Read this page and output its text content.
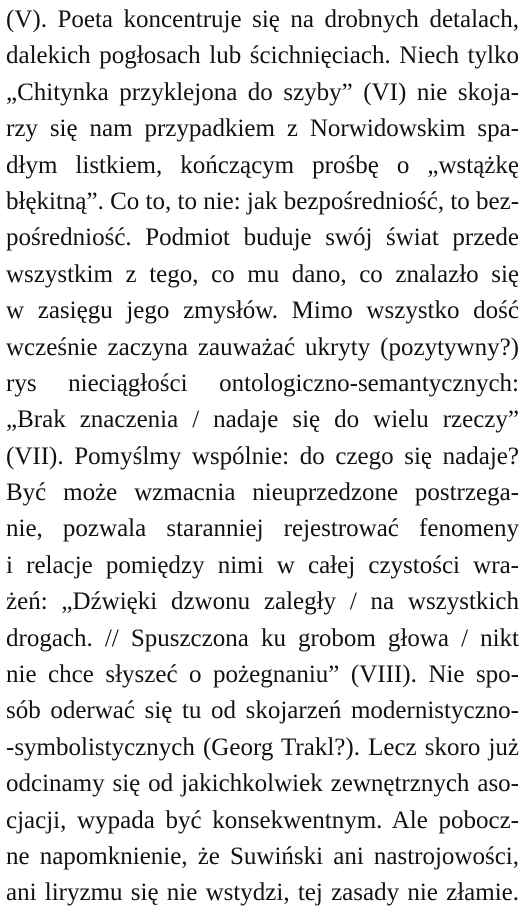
(V). Poeta koncentruje się na drobnych detalach,
dalekich pogłosach lub ścichnięciach. Niech tylko
„Chitynka przyklejona do szyby” (VI) nie skoja-
rzy się nam przypadkiem z Norwidowskim spa-
dłym listkiem, kończącym prośbę o „wstążkę
błękitną”. Co to, to nie: jak bezpośredniość, to bez-
pośredniość. Podmiot buduje swój świat przede
wszystkim z tego, co mu dano, co znalazło się
w zasięgu jego zmysłów. Mimo wszystko dość
wcześnie zaczyna zauważać ukryty (pozytywny?)
rys nieciągłości ontologiczno-semantycznych:
„Brak znaczenia / nadaje się do wielu rzeczy”
(VII). Pomyślmy wspólnie: do czego się nadaje?
Być może wzmacnia nieuprzedzone postrzega-
nie, pozwala staranniej rejestrować fenomeny
i relacje pomiędzy nimi w całej czystości wra-
żeń: „Dźwięki dzwonu zaległy / na wszystkich
drogach. // Spuszczona ku grobom głowa / nikt
nie chce słyszeć o pożegnaniu” (VIII). Nie spo-
sób oderwać się tu od skojarzeń modernistyczno-
-symbolistycznych (Georg Trakl?). Lecz skoro już
odcinamy się od jakichkolwiek zewnętrznych aso-
cjacji, wypada być konsekwentnym. Ale pobocz-
ne napomknienie, że Suwiński ani nastrojowości,
ani liryzmu się nie wstydzi, tej zasady nie złamie.
